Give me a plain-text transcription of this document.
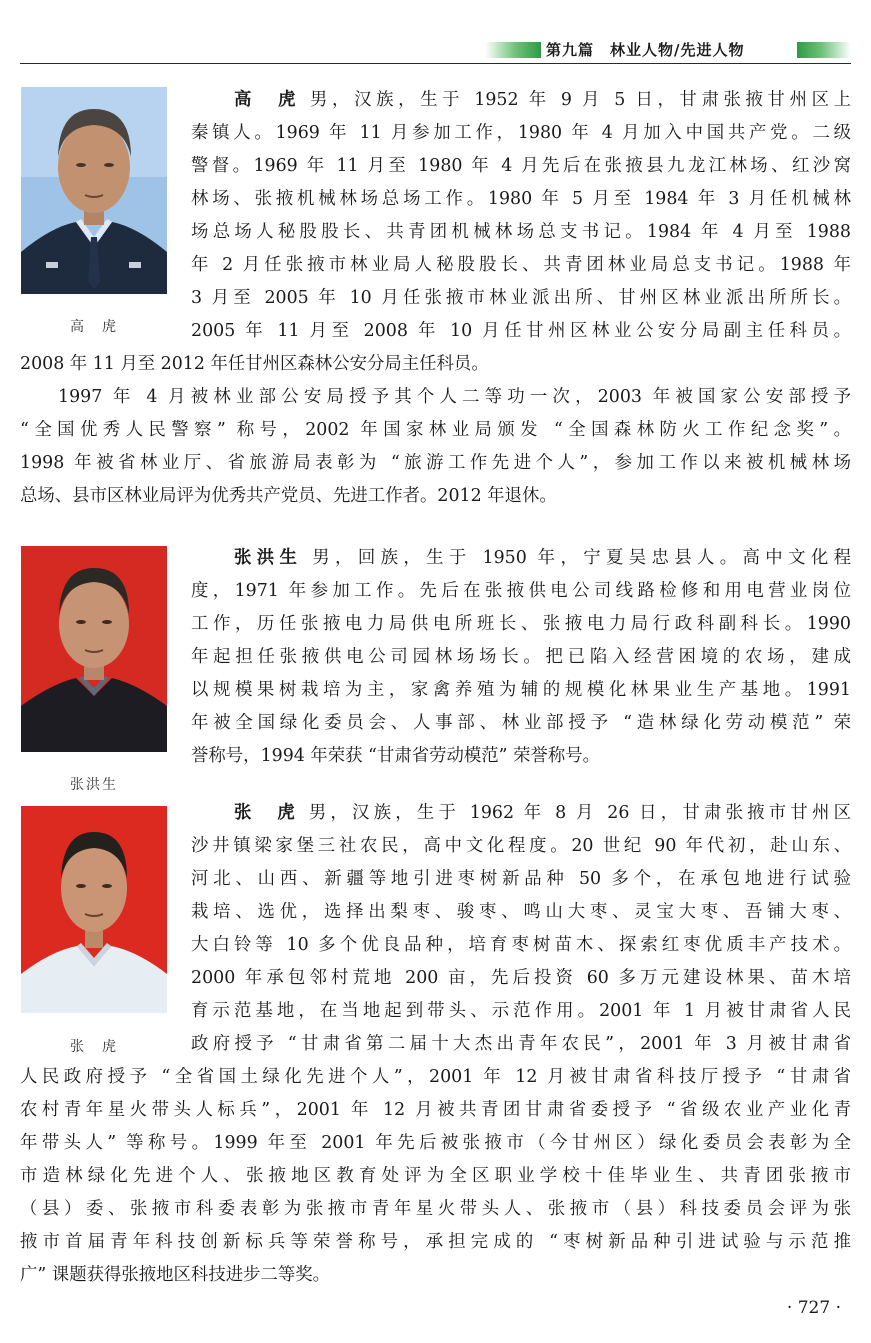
第九篇　林业人物/先进人物
高　虎
高　虎 男，汉族，生于 1952 年 9 月 5 日，甘肃张掖甘州区上
秦镇人。1969 年 11 月参加工作，1980 年 4 月加入中国共产党。二级
警督。1969 年 11 月至 1980 年 4 月先后在张掖县九龙江林场、红沙窝
林场、张掖机械林场总场工作。1980 年 5 月至 1984 年 3 月任机械林
场总场人秘股股长、共青团机械林场总支书记。1984 年 4 月至 1988
年 2 月任张掖市林业局人秘股股长、共青团林业局总支书记。1988 年
3 月至 2005 年 10 月任张掖市林业派出所、甘州区林业派出所所长。
2005 年 11 月至 2008 年 10 月任甘州区林业公安分局副主任科员。
2008 年 11 月至 2012 年任甘州区森林公安分局主任科员。
1997 年 4 月被林业部公安局授予其个人二等功一次，2003 年被国家公安部授予
“全国优秀人民警察” 称号，2002 年国家林业局颁发 “全国森林防火工作纪念奖”。
1998 年被省林业厅、省旅游局表彰为 “旅游工作先进个人”，参加工作以来被机械林场
总场、县市区林业局评为优秀共产党员、先进工作者。2012 年退休。
张洪生
张洪生 男，回族，生于 1950 年，宁夏吴忠县人。高中文化程
度，1971 年参加工作。先后在张掖供电公司线路检修和用电营业岗位
工作，历任张掖电力局供电所班长、张掖电力局行政科副科长。1990
年起担任张掖供电公司园林场场长。把已陷入经营困境的农场，建成
以规模果树栽培为主，家禽养殖为辅的规模化林果业生产基地。1991
年被全国绿化委员会、人事部、林业部授予 “造林绿化劳动模范” 荣
誉称号，1994 年荣获 “甘肃省劳动模范” 荣誉称号。
张　虎
张　虎 男，汉族，生于 1962 年 8 月 26 日，甘肃张掖市甘州区
沙井镇梁家堡三社农民，高中文化程度。20 世纪 90 年代初，赴山东、
河北、山西、新疆等地引进枣树新品种 50 多个，在承包地进行试验
栽培、选优，选择出梨枣、骏枣、鸣山大枣、灵宝大枣、吾铺大枣、
大白铃等 10 多个优良品种，培育枣树苗木、探索红枣优质丰产技术。
2000 年承包邻村荒地 200 亩，先后投资 60 多万元建设林果、苗木培
育示范基地，在当地起到带头、示范作用。2001 年 1 月被甘肃省人民
政府授予 “甘肃省第二届十大杰出青年农民”，2001 年 3 月被甘肃省
人民政府授予 “全省国土绿化先进个人”，2001 年 12 月被甘肃省科技厅授予 “甘肃省
农村青年星火带头人标兵”，2001 年 12 月被共青团甘肃省委授予 “省级农业产业化青
年带头人” 等称号。1999 年至 2001 年先后被张掖市（今甘州区）绿化委员会表彰为全
市造林绿化先进个人、张掖地区教育处评为全区职业学校十佳毕业生、共青团张掖市
（县）委、张掖市科委表彰为张掖市青年星火带头人、张掖市（县）科技委员会评为张
掖市首届青年科技创新标兵等荣誉称号，承担完成的 “枣树新品种引进试验与示范推
广” 课题获得张掖地区科技进步二等奖。
· 727 ·
